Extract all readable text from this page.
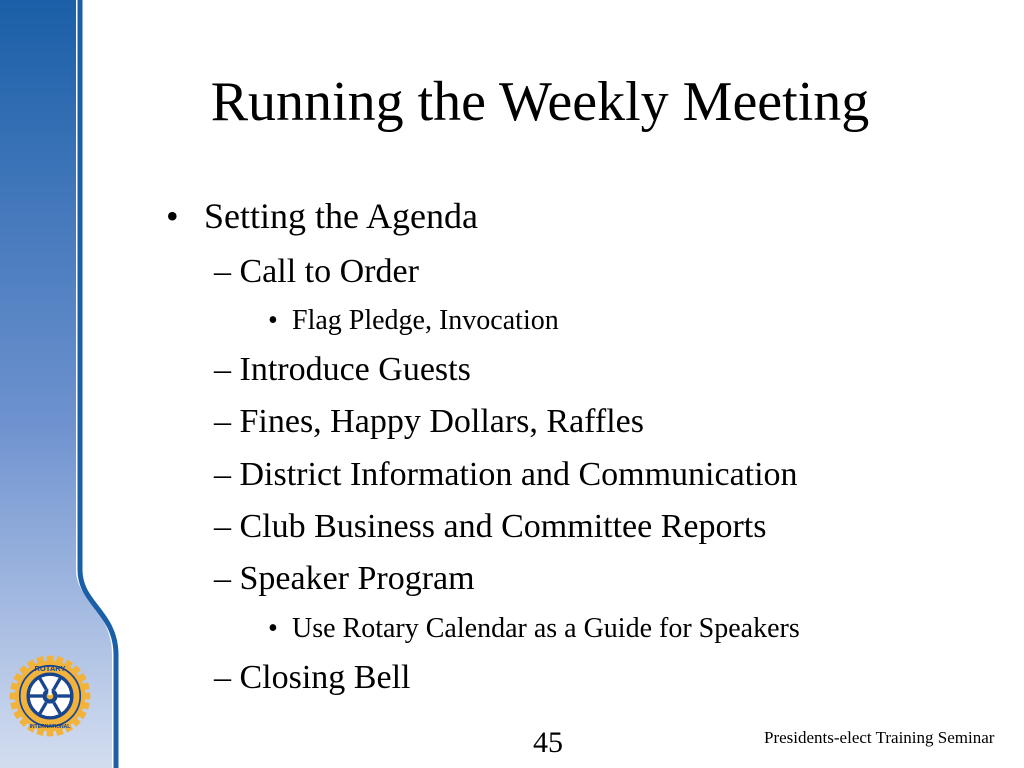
ROTARY
INTERNATIONAL
Running the Weekly Meeting
• Setting the Agenda
– Call to Order
• Flag Pledge, Invocation
– Introduce Guests
– Fines, Happy Dollars, Raffles
– District Information and Communication
– Club Business and Committee Reports
– Speaker Program
• Use Rotary Calendar as a Guide for Speakers
– Closing Bell
45	Presidents-elect Training Seminar
